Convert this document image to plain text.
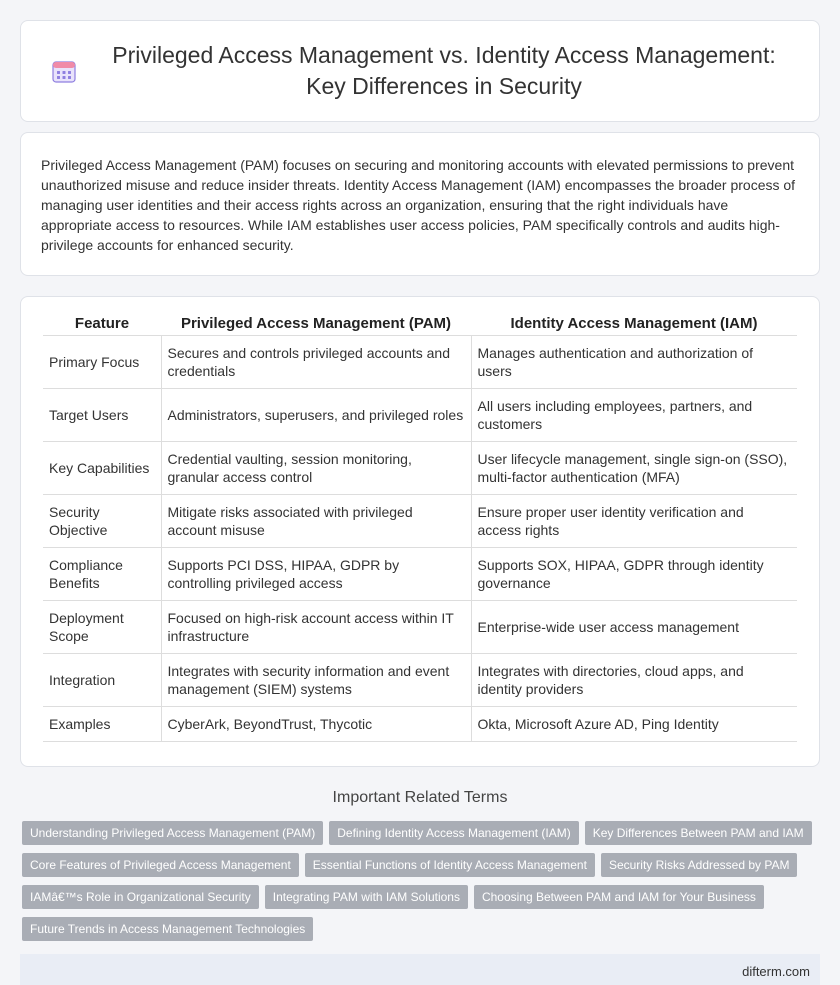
Privileged Access Management vs. Identity Access Management: Key Differences in Security

Privileged Access Management (PAM) focuses on securing and monitoring accounts with elevated permissions to prevent unauthorized misuse and reduce insider threats. Identity Access Management (IAM) encompasses the broader process of managing user identities and their access rights across an organization, ensuring that the right individuals have appropriate access to resources. While IAM establishes user access policies, PAM specifically controls and audits high-privilege accounts for enhanced security.

Feature	Privileged Access Management (PAM)	Identity Access Management (IAM)
Primary Focus	Secures and controls privileged accounts and credentials	Manages authentication and authorization of users
Target Users	Administrators, superusers, and privileged roles	All users including employees, partners, and customers
Key Capabilities	Credential vaulting, session monitoring, granular access control	User lifecycle management, single sign-on (SSO), multi-factor authentication (MFA)
Security Objective	Mitigate risks associated with privileged account misuse	Ensure proper user identity verification and access rights
Compliance Benefits	Supports PCI DSS, HIPAA, GDPR by controlling privileged access	Supports SOX, HIPAA, GDPR through identity governance
Deployment Scope	Focused on high-risk account access within IT infrastructure	Enterprise-wide user access management
Integration	Integrates with security information and event management (SIEM) systems	Integrates with directories, cloud apps, and identity providers
Examples	CyberArk, BeyondTrust, Thycotic	Okta, Microsoft Azure AD, Ping Identity
Important Related Terms
Understanding Privileged Access Management (PAM)	Defining Identity Access Management (IAM)	Key Differences Between PAM and IAM
Core Features of Privileged Access Management	Essential Functions of Identity Access Management	Security Risks Addressed by PAM
IAMâ€™s Role in Organizational Security	Integrating PAM with IAM Solutions	Choosing Between PAM and IAM for Your Business
Future Trends in Access Management Technologies
difterm.com
